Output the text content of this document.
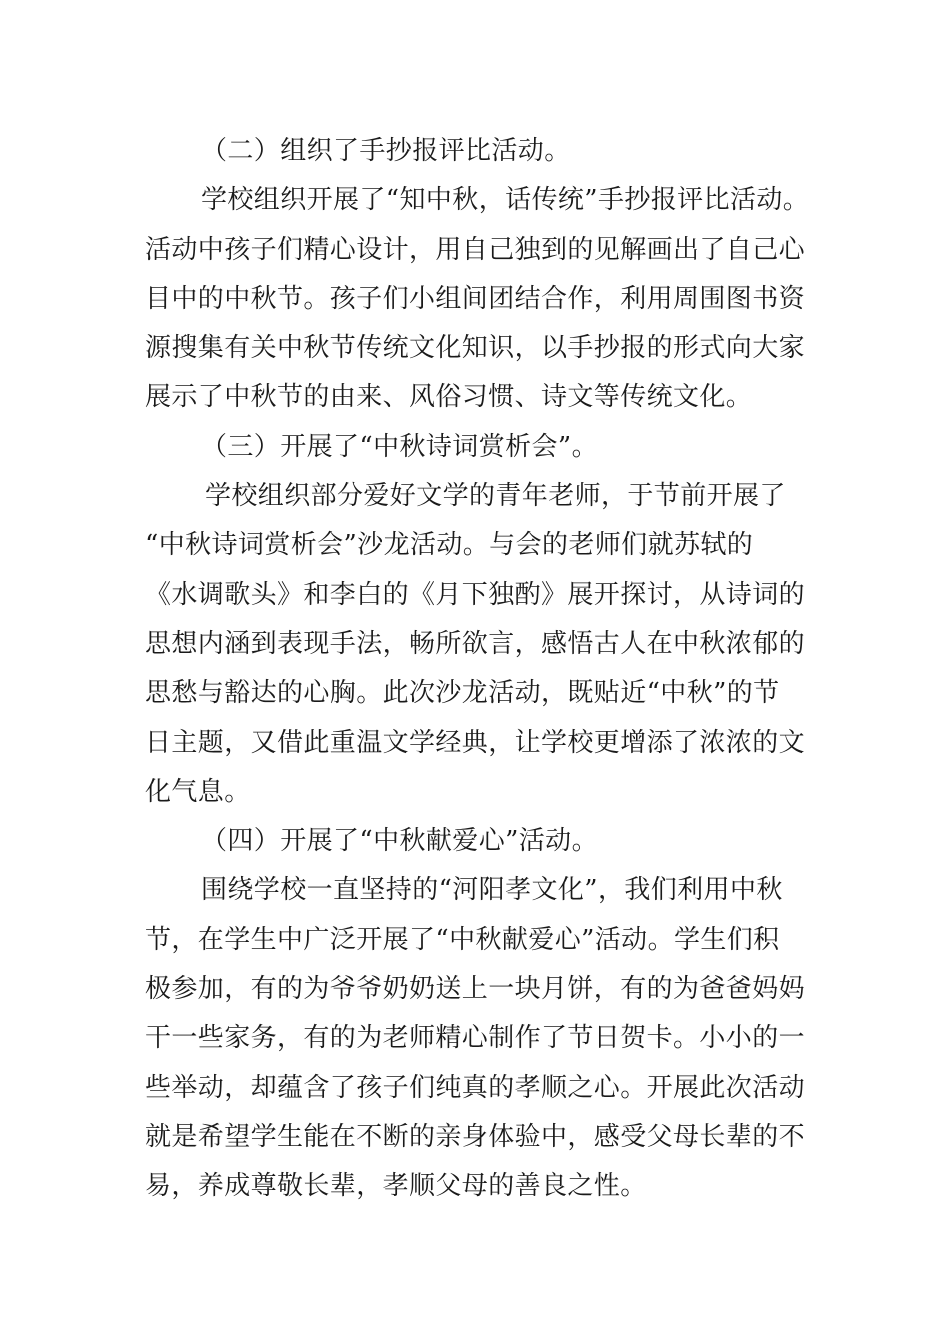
（二）组织了手抄报评比活动。
学校组织开展了“知中秋，话传统”手抄报评比活动。
活动中孩子们精心设计，用自己独到的见解画出了自己心
目中的中秋节。孩子们小组间团结合作，利用周围图书资
源搜集有关中秋节传统文化知识，以手抄报的形式向大家
展示了中秋节的由来、风俗习惯、诗文等传统文化。
（三）开展了“中秋诗词赏析会”。
学校组织部分爱好文学的青年老师，于节前开展了
“中秋诗词赏析会”沙龙活动。与会的老师们就苏轼的
《水调歌头》和李白的《月下独酌》展开探讨，从诗词的
思想内涵到表现手法，畅所欲言，感悟古人在中秋浓郁的
思愁与豁达的心胸。此次沙龙活动，既贴近“中秋”的节
日主题，又借此重温文学经典，让学校更增添了浓浓的文
化气息。
（四）开展了“中秋献爱心”活动。
围绕学校一直坚持的“河阳孝文化”，我们利用中秋
节，在学生中广泛开展了“中秋献爱心”活动。学生们积
极参加，有的为爷爷奶奶送上一块月饼，有的为爸爸妈妈
干一些家务，有的为老师精心制作了节日贺卡。小小的一
些举动，却蕴含了孩子们纯真的孝顺之心。开展此次活动
就是希望学生能在不断的亲身体验中，感受父母长辈的不
易，养成尊敬长辈，孝顺父母的善良之性。
